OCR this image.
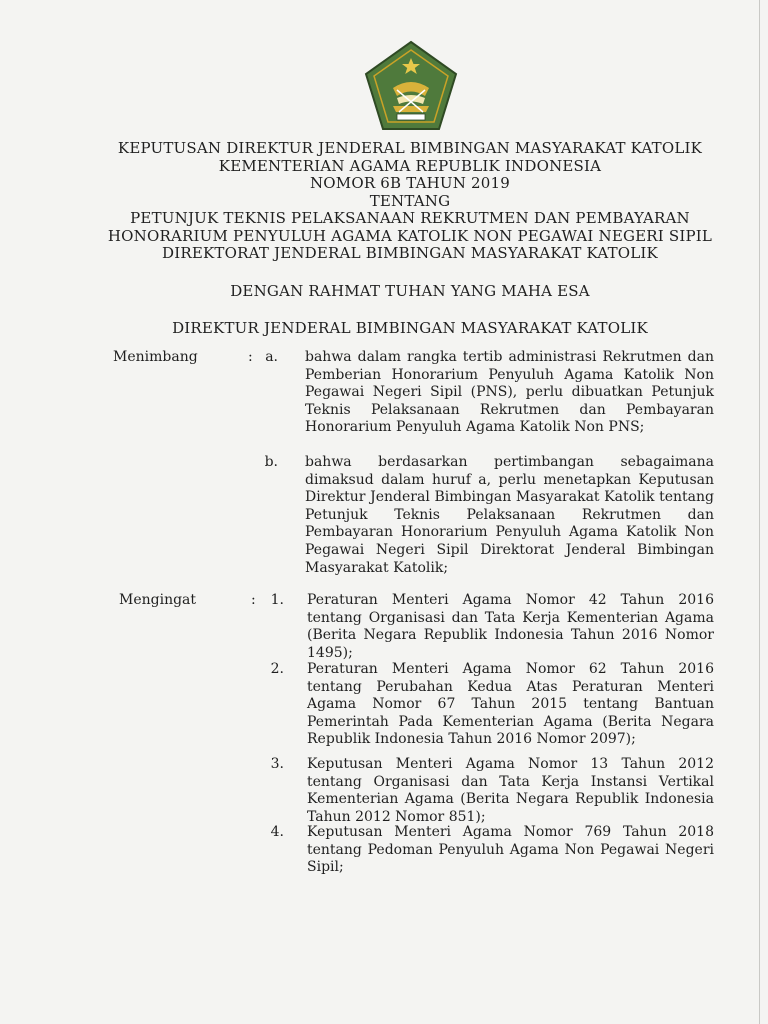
KEPUTUSAN DIREKTUR JENDERAL BIMBINGAN MASYARAKAT KATOLIK
KEMENTERIAN AGAMA REPUBLIK INDONESIA
NOMOR 6B TAHUN 2019
TENTANG
PETUNJUK TEKNIS PELAKSANAAN REKRUTMEN DAN PEMBAYARAN
HONORARIUM PENYULUH AGAMA KATOLIK NON PEGAWAI NEGERI SIPIL
DIREKTORAT JENDERAL BIMBINGAN MASYARAKAT KATOLIK
DENGAN RAHMAT TUHAN YANG MAHA ESA
DIREKTUR JENDERAL BIMBINGAN MASYARAKAT KATOLIK
Menimbang	: a. bahwa dalam rangka tertib administrasi Rekrutmen dan Pemberian Honorarium Penyuluh Agama Katolik Non Pegawai Negeri Sipil (PNS), perlu dibuatkan Petunjuk Teknis Pelaksanaan Rekrutmen dan Pembayaran Honorarium Penyuluh Agama Katolik Non PNS;
b. bahwa berdasarkan pertimbangan sebagaimana dimaksud dalam huruf a, perlu menetapkan Keputusan Direktur Jenderal Bimbingan Masyarakat Katolik tentang Petunjuk Teknis Pelaksanaan Rekrutmen dan Pembayaran Honorarium Penyuluh Agama Katolik Non Pegawai Negeri Sipil Direktorat Jenderal Bimbingan Masyarakat Katolik;
Mengingat	:	1. Peraturan Menteri Agama Nomor 42 Tahun 2016 tentang Organisasi dan Tata Kerja Kementerian Agama (Berita Negara Republik Indonesia Tahun 2016 Nomor 1495);
2. Peraturan Menteri Agama Nomor 62 Tahun 2016 tentang Perubahan Kedua Atas Peraturan Menteri Agama Nomor 67 Tahun 2015 tentang Bantuan Pemerintah Pada Kementerian Agama (Berita Negara Republik Indonesia Tahun 2016 Nomor 2097);
3. Keputusan Menteri Agama Nomor 13 Tahun 2012 tentang Organisasi dan Tata Kerja Instansi Vertikal Kementerian Agama (Berita Negara Republik Indonesia Tahun 2012 Nomor 851);
4. Keputusan Menteri Agama Nomor 769 Tahun 2018 tentang Pedoman Penyuluh Agama Non Pegawai Negeri Sipil;
